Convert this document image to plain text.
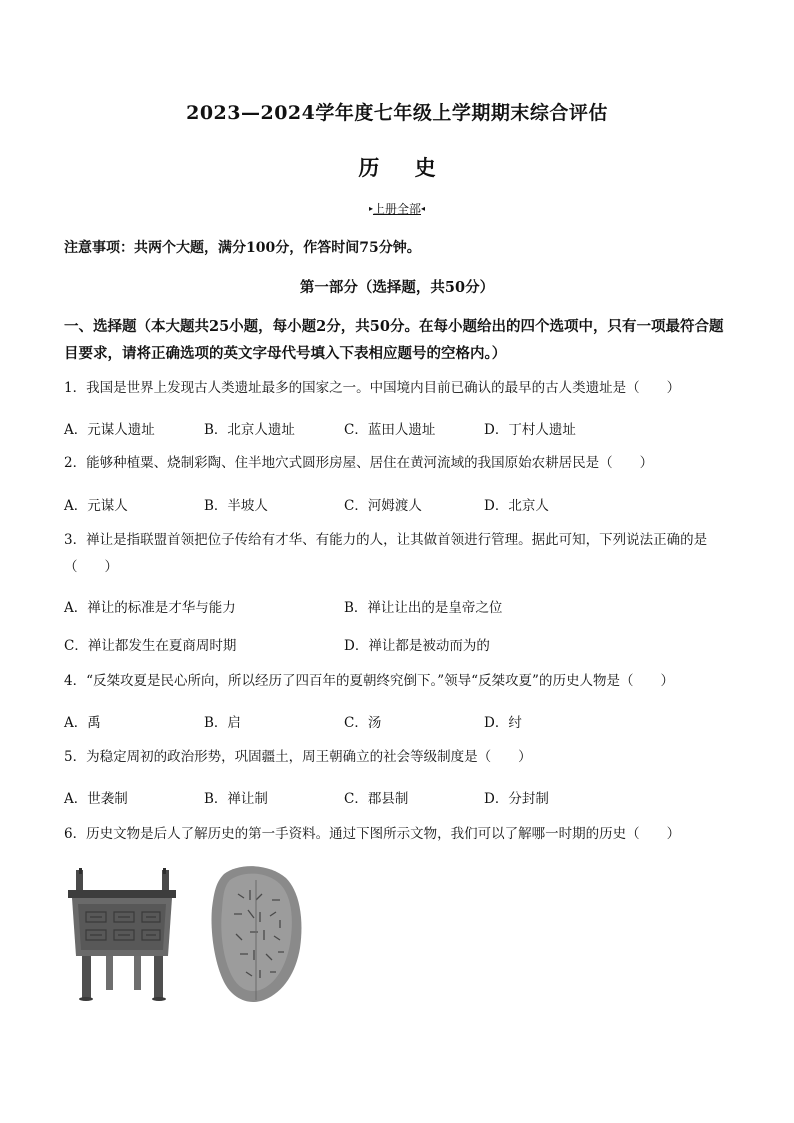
2023—2024学年度七年级上学期期末综合评估
历 史
▸上册全部◂
注意事项：共两个大题，满分100分，作答时间75分钟。
第一部分（选择题，共50分）
一、选择题（本大题共25小题，每小题2分，共50分。在每小题给出的四个选项中，只有一项最符合题目要求，请将正确选项的英文字母代号填入下表相应题号的空格内。）
1．我国是世界上发现古人类遗址最多的国家之一。中国境内目前已确认的最早的古人类遗址是（　　）
A．元谋人遗址	B．北京人遗址	C．蓝田人遗址	D．丁村人遗址
2．能够种植粟、烧制彩陶、住半地穴式圆形房屋、居住在黄河流域的我国原始农耕居民是（　　）
A．元谋人	B．半坡人	C．河姆渡人	D．北京人
3．禅让是指联盟首领把位子传给有才华、有能力的人，让其做首领进行管理。据此可知，下列说法正确的是（　　）
A．禅让的标准是才华与能力	B．禅让让出的是皇帝之位
C．禅让都发生在夏商周时期	D．禅让都是被动而为的
4．“反桀攻夏是民心所向，所以经历了四百年的夏朝终究倒下。”领导“反桀攻夏”的历史人物是（　　）
A．禹	B．启	C．汤	D．纣
5．为稳定周初的政治形势，巩固疆土，周王朝确立的社会等级制度是（　　）
A．世袭制	B．禅让制	C．郡县制	D．分封制
6．历史文物是后人了解历史的第一手资料。通过下图所示文物，我们可以了解哪一时期的历史（　　）
